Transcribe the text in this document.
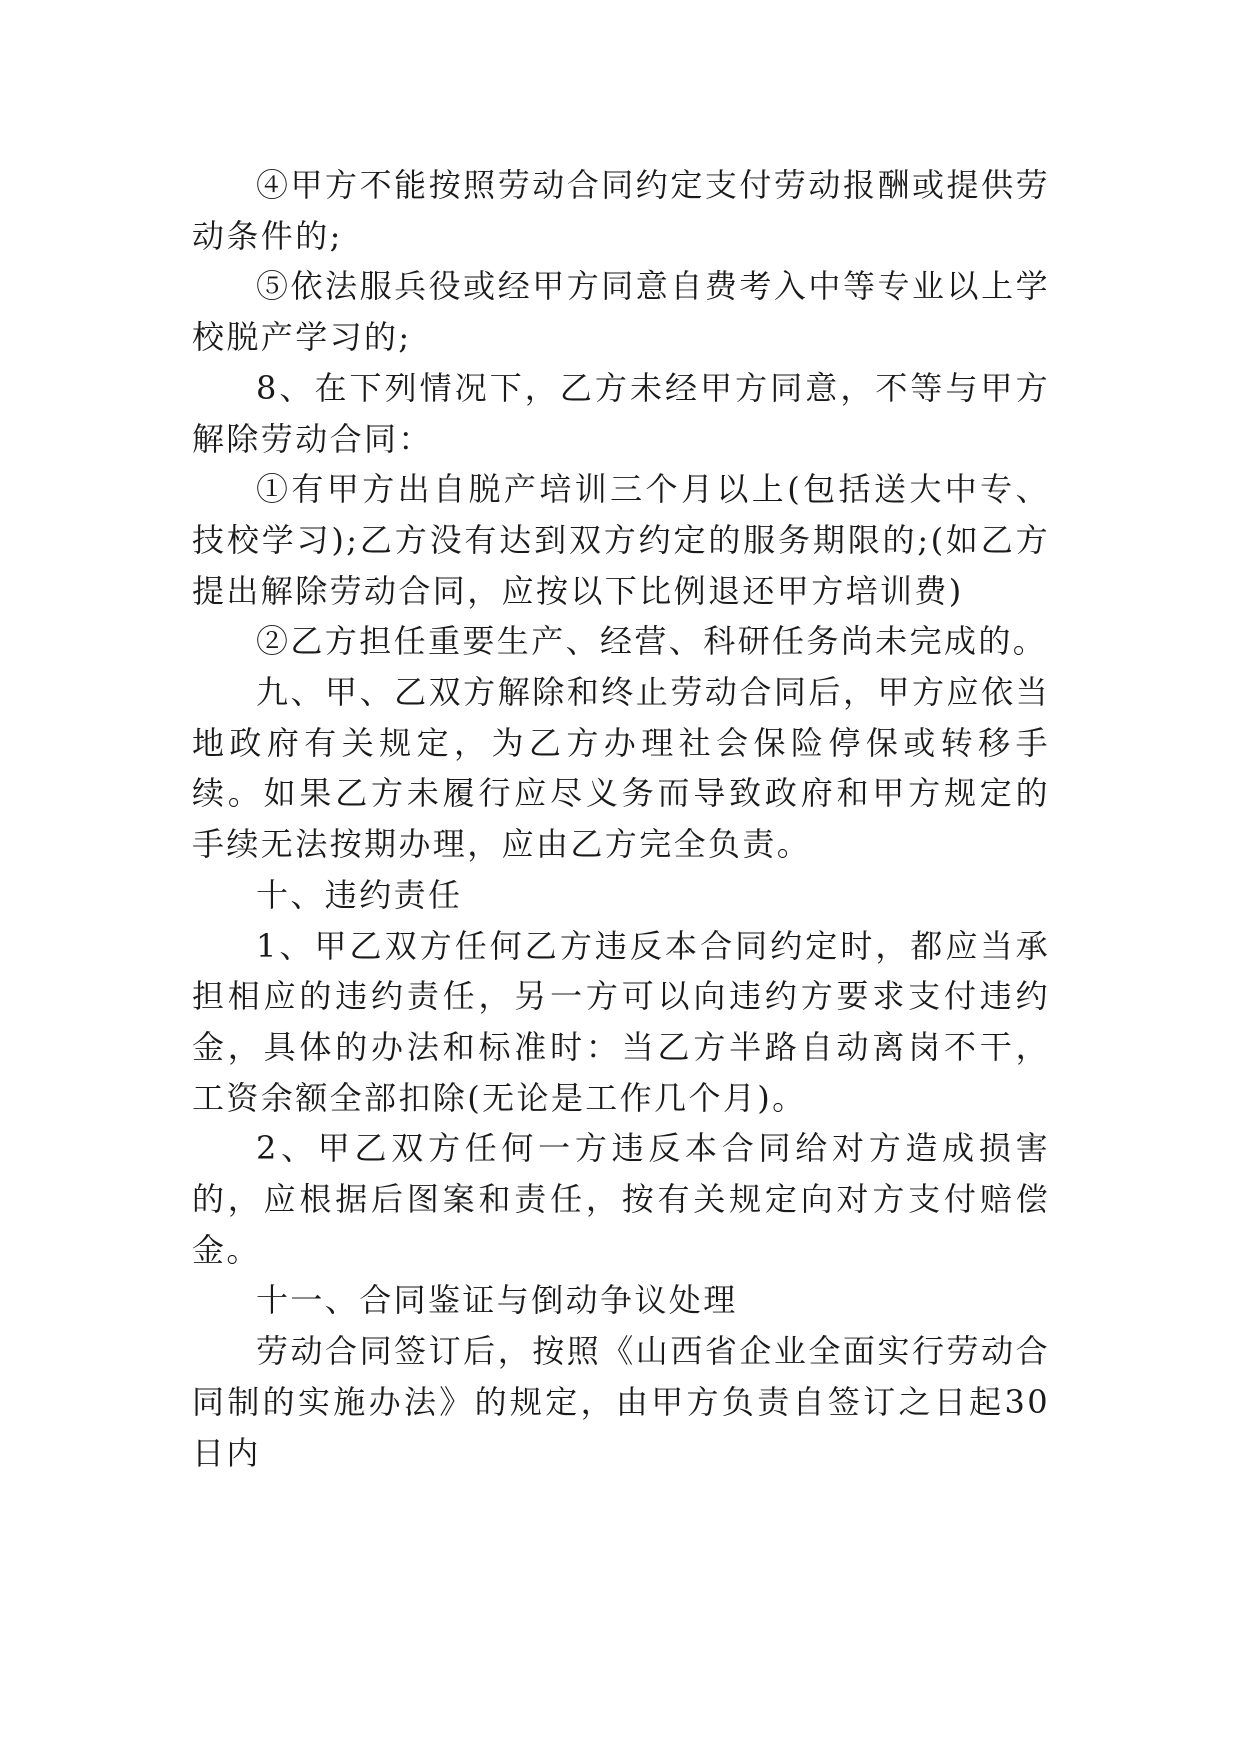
④甲方不能按照劳动合同约定支付劳动报酬或提供劳动条件的;

⑤依法服兵役或经甲方同意自费考入中等专业以上学校脱产学习的;

8、在下列情况下，乙方未经甲方同意，不等与甲方解除劳动合同：

①有甲方出自脱产培训三个月以上(包括送大中专、技校学习);乙方没有达到双方约定的服务期限的;(如乙方提出解除劳动合同，应按以下比例退还甲方培训费)

②乙方担任重要生产、经营、科研任务尚未完成的。

九、甲、乙双方解除和终止劳动合同后，甲方应依当地政府有关规定，为乙方办理社会保险停保或转移手续。如果乙方未履行应尽义务而导致政府和甲方规定的手续无法按期办理，应由乙方完全负责。

十、违约责任

1、甲乙双方任何乙方违反本合同约定时，都应当承担相应的违约责任，另一方可以向违约方要求支付违约金，具体的办法和标准时：当乙方半路自动离岗不干，工资余额全部扣除(无论是工作几个月)。

2、甲乙双方任何一方违反本合同给对方造成损害的，应根据后图案和责任，按有关规定向对方支付赔偿金。

十一、合同鉴证与倒动争议处理

劳动合同签订后，按照《山西省企业全面实行劳动合同制的实施办法》的规定，由甲方负责自签订之日起30日内
